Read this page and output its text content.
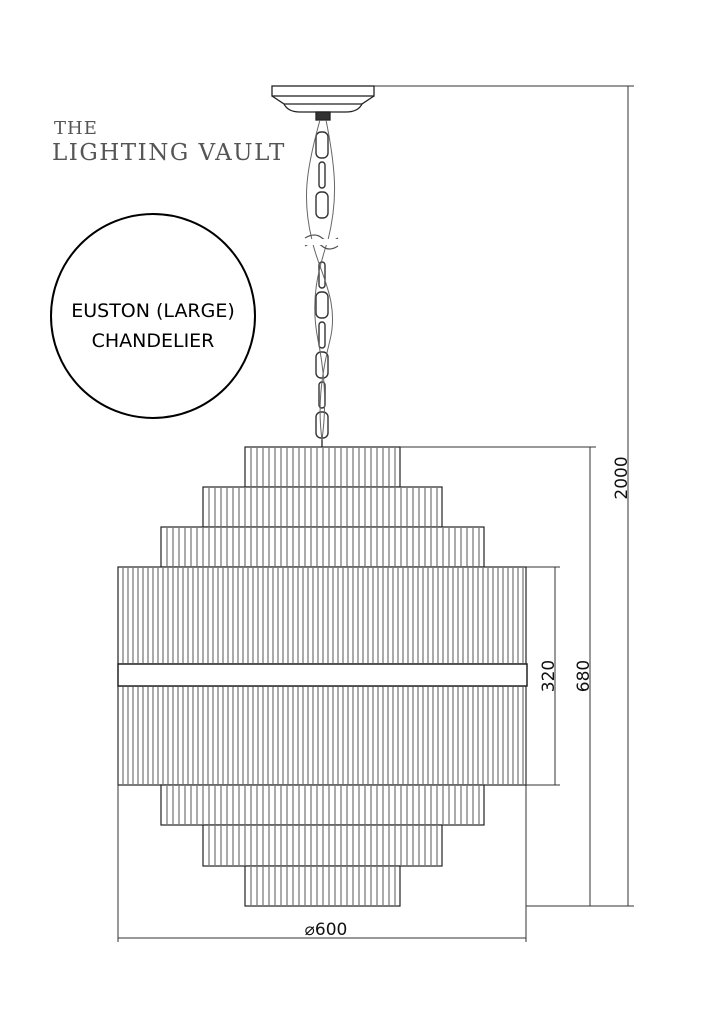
THE
LIGHTING VAULT
EUSTON (LARGE)
CHANDELIER
2000
680
320
⌀600
